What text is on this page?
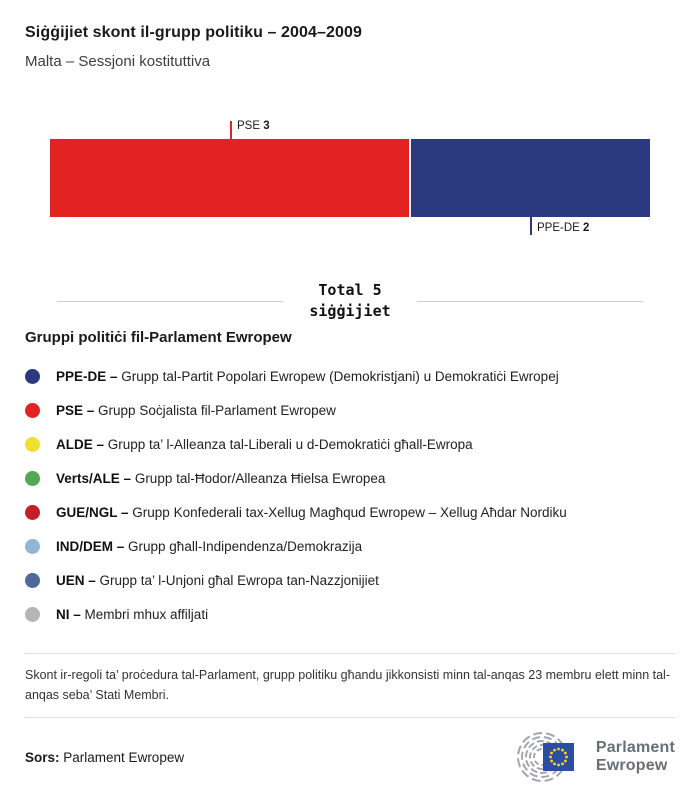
Siġġijiet skont il-grupp politiku – 2004–2009
Malta – Sessjoni kostituttiva
PSE 3
PPE-DE 2
Total 5
siġġijiet
Gruppi politiċi fil-Parlament Ewropew
PPE-DE – Grupp tal-Partit Popolari Ewropew (Demokristjani) u Demokratiċi Ewropej
PSE – Grupp Soċjalista fil-Parlament Ewropew
ALDE – Grupp ta’ l-Alleanza tal-Liberali u d-Demokratiċi għall-Ewropa
Verts/ALE – Grupp tal-Ħodor/Alleanza Ħielsa Ewropea
GUE/NGL – Grupp Konfederali tax-Xellug Magħqud Ewropew – Xellug Aħdar Nordiku
IND/DEM – Grupp għall-Indipendenza/Demokrazija
UEN – Grupp ta’ l-Unjoni għal Ewropa tan-Nazzjonijiet
NI – Membri mhux affiljati
Skont ir-regoli ta’ proċedura tal-Parlament, grupp politiku għandu jikkonsisti minn tal-anqas 23 membru elett minn tal-anqas seba’ Stati Membri.
Sors: Parlament Ewropew
Parlament
Ewropew
